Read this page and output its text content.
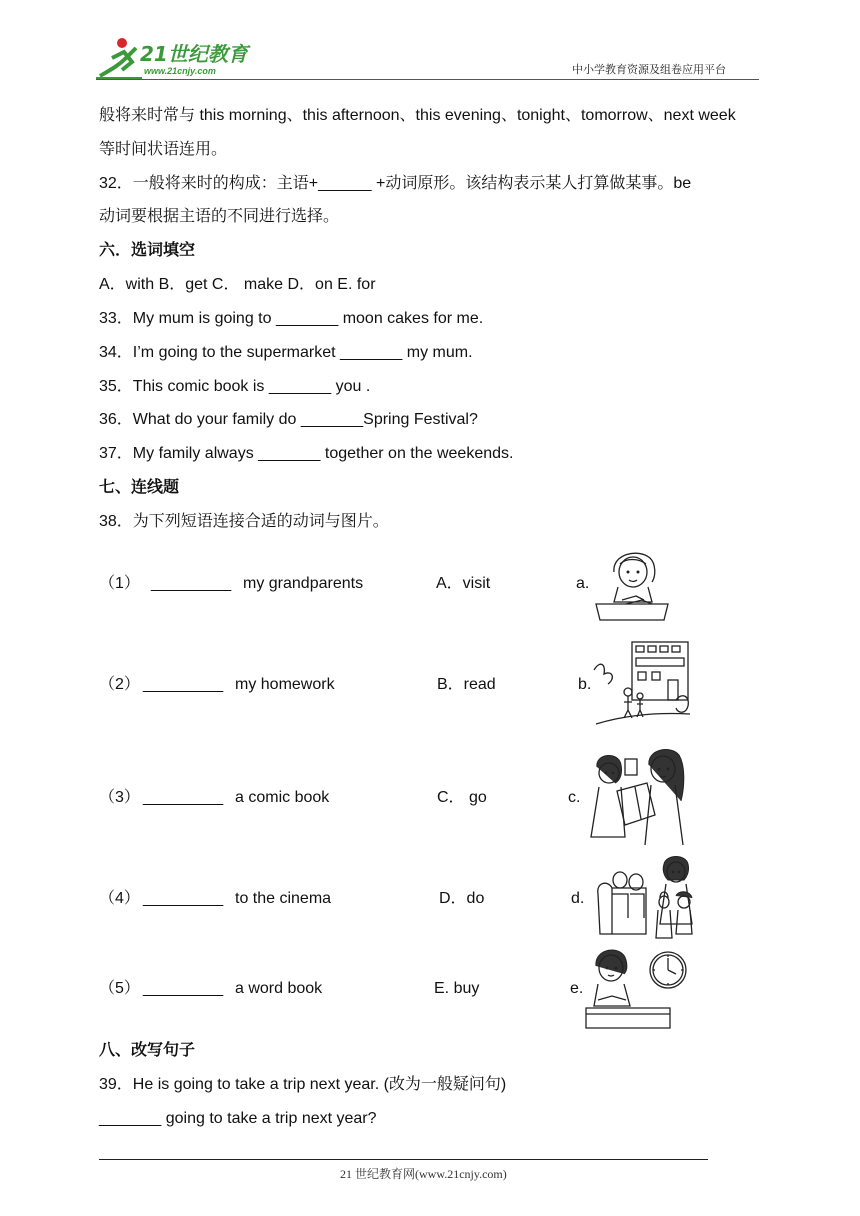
21世纪教育
www.21cnjy.com	中小学教育资源及组卷应用平台
般将来时常与 this morning、this afternoon、this evening、tonight、tomorrow、next week
等时间状语连用。
32．一般将来时的构成：主语+______ +动词原形。该结构表示某人打算做某事。be
动词要根据主语的不同进行选择。
六．选词填空
A．with B．get C． make D．on E. for
33．My mum is going to _______ moon cakes for me.
34．I’m going to the supermarket _______ my mum.
35．This comic book is _______ you .
36．What do your family do _______Spring Festival?
37．My family always _______ together on the weekends.
七、连线题
38．为下列短语连接合适的动词与图片。
（1） _________ my grandparents	A．visit	a.
（2） _________ my homework	B．read	b.
（3） _________ a comic book	C． go	c.
（4） _________ to the cinema	D．do	d.
（5） _________ a word book	E. buy	e.
八、改写句子
39．He is going to take a trip next year. (改为一般疑问句)
_______ going to take a trip next year?
21 世纪教育网(www.21cnjy.com)
